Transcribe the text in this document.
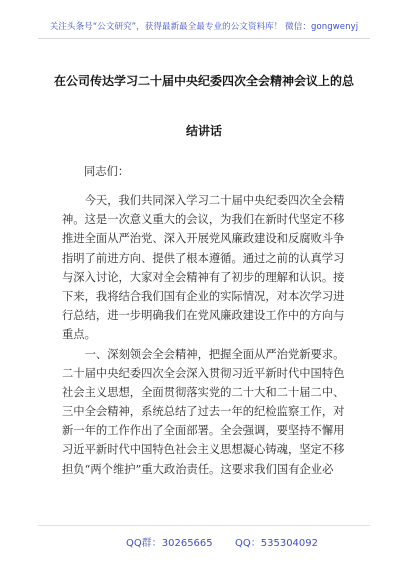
关注头条号“公文研究”，获得最新最全最专业的公文资料库！ 微信：gongwenyj
在公司传达学习二十届中央纪委四次全会精神会议上的总
结讲话
同志们：
　　今天，我们共同深入学习二十届中央纪委四次全会精
神。这是一次意义重大的会议，为我们在新时代坚定不移
推进全面从严治党、深入开展党风廉政建设和反腐败斗争
指明了前进方向、提供了根本遵循。通过之前的认真学习
与深入讨论，大家对全会精神有了初步的理解和认识。接
下来，我将结合我们国有企业的实际情况，对本次学习进
行总结，进一步明确我们在党风廉政建设工作中的方向与
重点。
　　一、深刻领会全会精神，把握全面从严治党新要求。
二十届中央纪委四次全会深入贯彻习近平新时代中国特色
社会主义思想，全面贯彻落实党的二十大和二十届二中、
三中全会精神，系统总结了过去一年的纪检监察工作，对
新一年的工作作出了全面部署。全会强调，要坚持不懈用
习近平新时代中国特色社会主义思想凝心铸魂，坚定不移
担负“两个维护”重大政治责任。这要求我们国有企业必
QQ群：30265665 QQ：535304092
